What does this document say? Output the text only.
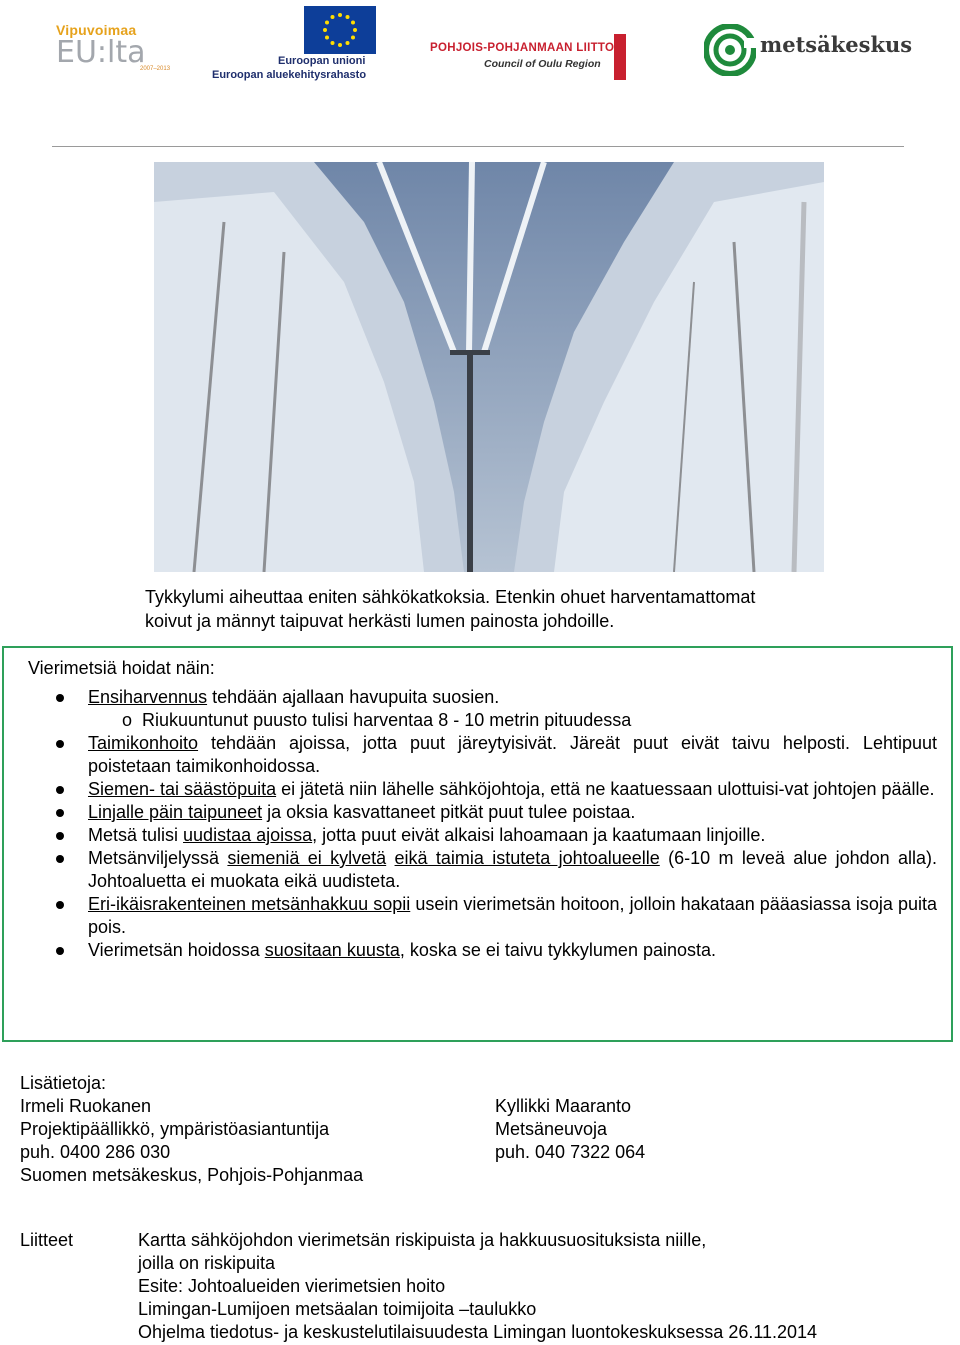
Vipuvoimaa
EU:lta
2007–2013
Euroopan unioni
Euroopan aluekehitysrahasto
POHJOIS-POHJANMAAN LIITTO
Council of Oulu Region
metsäkeskus
Tykkylumi aiheuttaa eniten sähkökatkoksia. Etenkin ohuet harventamattomat
koivut ja männyt taipuvat herkästi lumen painosta johdoille.
Vierimetsiä hoidat näin:
Ensiharvennus tehdään ajallaan havupuita suosien.
o Riukuuntunut puusto tulisi harventaa 8 - 10 metrin pituudessa
Taimikonhoito tehdään ajoissa, jotta puut järeytyisivät. Järeät puut eivät taivu helposti. Lehtipuut poistetaan taimikonhoidossa.
Siemen- tai säästöpuita ei jätetä niin lähelle sähköjohtoja, että ne kaatuessaan ulottuisi-vat johtojen päälle.
Linjalle päin taipuneet ja oksia kasvattaneet pitkät puut tulee poistaa.
Metsä tulisi uudistaa ajoissa, jotta puut eivät alkaisi lahoamaan ja kaatumaan linjoille.
Metsänviljelyssä siemeniä ei kylvetä eikä taimia istuteta johtoalueelle (6-10 m leveä alue johdon alla). Johtoaluetta ei muokata eikä uudisteta.
Eri-ikäisrakenteinen metsänhakkuu sopii usein vierimetsän hoitoon, jolloin hakataan pääasiassa isoja puita pois.
Vierimetsän hoidossa suositaan kuusta, koska se ei taivu tykkylumen painosta.
Lisätietoja:
Irmeli Ruokanen
Projektipäällikkö, ympäristöasiantuntija
puh. 0400 286 030
Suomen metsäkeskus, Pohjois-Pohjanmaa
Kyllikki Maaranto
Metsäneuvoja
puh. 040 7322 064
Liitteet	Kartta sähköjohdon vierimetsän riskipuista ja hakkuusuosituksista niille,
joilla on riskipuita
Esite: Johtoalueiden vierimetsien hoito
Limingan-Lumijoen metsäalan toimijoita –taulukko
Ohjelma tiedotus- ja keskustelutilaisuudesta Limingan luontokeskuksessa 26.11.2014
